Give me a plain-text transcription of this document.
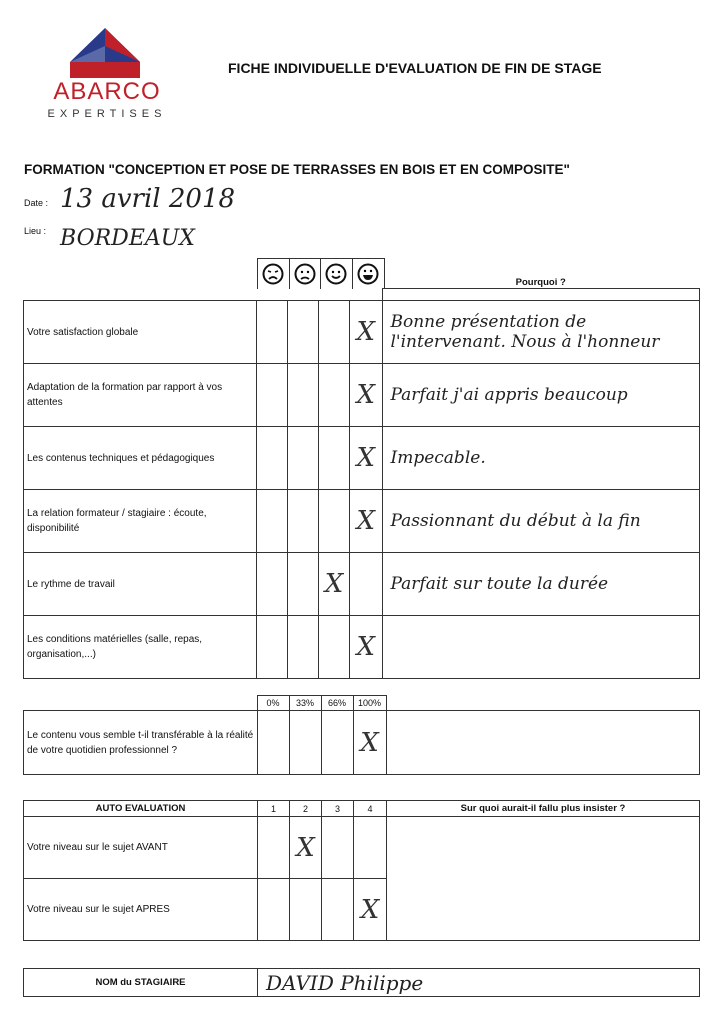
ABARCO
EXPERTISES
FICHE INDIVIDUELLE D'EVALUATION DE FIN DE STAGE
FORMATION "CONCEPTION ET POSE DE TERRASSES EN BOIS ET EN COMPOSITE"
Date : 13 avril 2018
Lieu : BORDEAUX
					Pourquoi ?
Votre satisfaction globale				X	Bonne présentation de l'intervenant. Nous à l'honneur
Adaptation de la formation par rapport à vos attentes				X	Parfait j'ai appris beaucoup
Les contenus techniques et pédagogiques				X	Impecable.
La relation formateur / stagiaire : écoute, disponibilité				X	Passionnant du début à la fin
Le rythme de travail			X		Parfait sur toute la durée
Les conditions matérielles (salle, repas, organisation,...)				X	
	0%	33%	66%	100%	
Le contenu vous semble t-il transférable à la réalité de votre quotidien professionnel ?				X	
AUTO EVALUATION	1	2	3	4	Sur quoi aurait-il fallu plus insister ?
Votre niveau sur le sujet AVANT		X			
Votre niveau sur le sujet APRES				X	
NOM du STAGIAIRE	DAVID Philippe
